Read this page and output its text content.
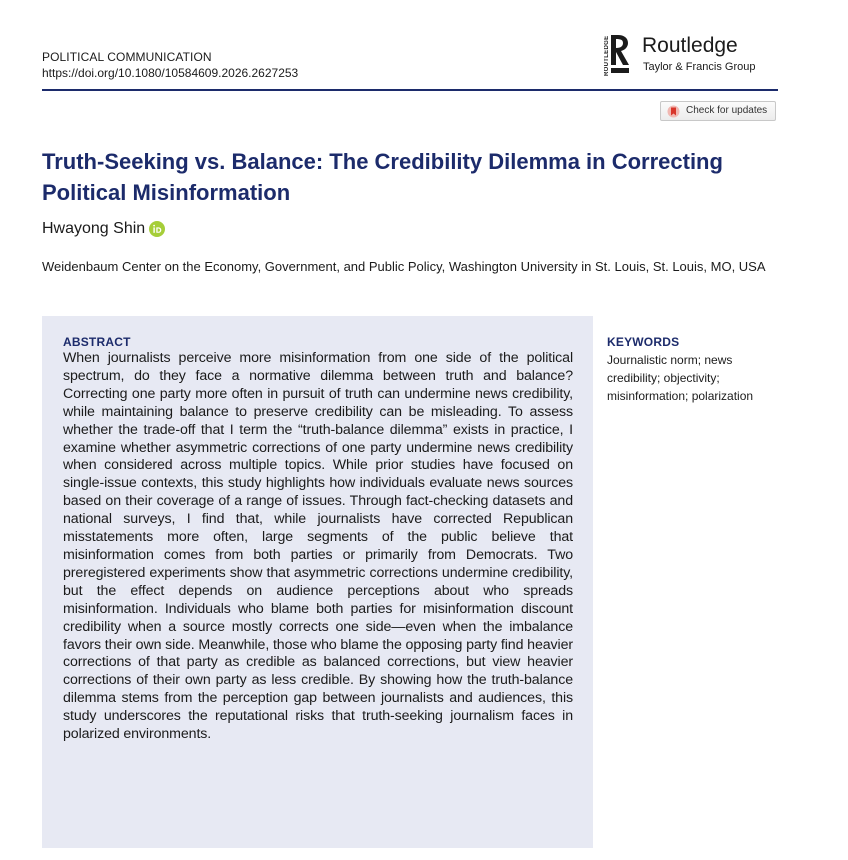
POLITICAL COMMUNICATION
https://doi.org/10.1080/10584609.2026.2627253	ROUTLEDGE Routledge
Taylor & Francis Group
Check for updates
Truth-Seeking vs. Balance: The Credibility Dilemma in Correcting Political Misinformation
Hwayong Shin

Weidenbaum Center on the Economy, Government, and Public Policy, Washington University in St. Louis, St. Louis, MO, USA

ABSTRACT

When journalists perceive more misinformation from one side of the political spectrum, do they face a normative dilemma between truth and balance? Correcting one party more often in pursuit of truth can undermine news credibility, while maintaining balance to preserve credibility can be misleading. To assess whether the trade-off that I term the “truth-balance dilemma” exists in practice, I examine whether asymmetric corrections of one party undermine news credibility when considered across multiple topics. While prior studies have focused on single-issue contexts, this study highlights how individuals evaluate news sources based on their coverage of a range of issues. Through fact-checking datasets and national surveys, I find that, while journalists have corrected Republican misstatements more often, large segments of the public believe that misinformation comes from both parties or primarily from Democrats. Two preregistered experiments show that asymmetric corrections undermine credibility, but the effect depends on audience perceptions about who spreads misinformation. Individuals who blame both parties for misinformation discount credibility when a source mostly corrects one side—even when the imbalance favors their own side. Meanwhile, those who blame the opposing party find heavier corrections of that party as credible as balanced corrections, but view heavier corrections of their own party as less credible. By showing how the truth-balance dilemma stems from the perception gap between journalists and audiences, this study underscores the reputational risks that truth-seeking journalism faces in polarized environments.

KEYWORDS

Journalistic norm; news credibility; objectivity; misinformation; polarization
